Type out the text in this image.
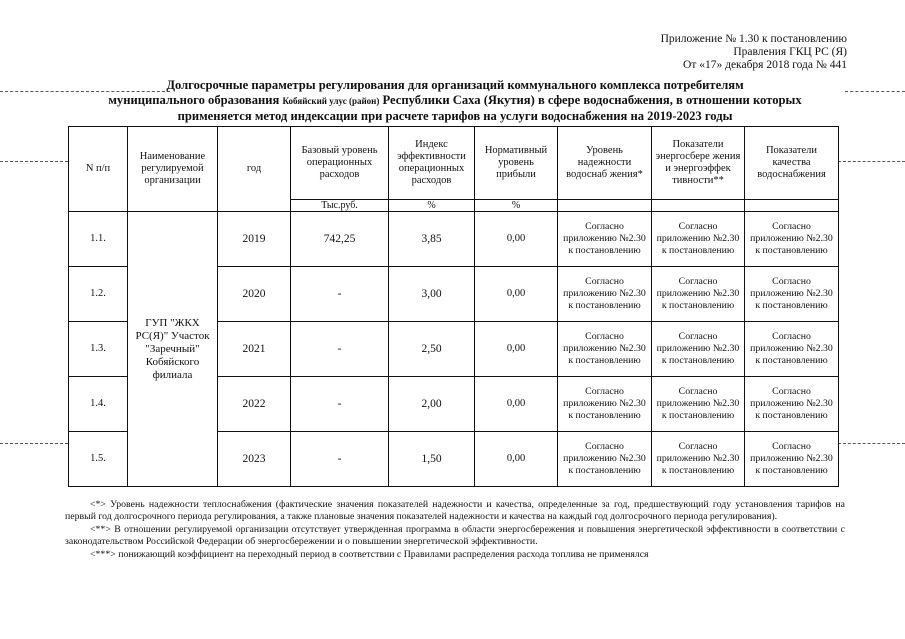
Приложение № 1.30 к постановлению
Правления ГКЦ РС (Я)
От «17» декабря 2018 года № 441
Долгосрочные параметры регулирования для организаций коммунального комплекса потребителям
муниципального образования Кобяйский улус (район) Республики Саха (Якутия) в сфере водоснабжения, в отношении которых
применяется метод индексации при расчете тарифов на услуги водоснабжения на 2019-2023 годы
N п/п	Наименование регулируемой организации	год	Базовый уровень операционных расходов	Индекс эффективности операционных расходов	Нормативный уровень прибыли	Уровень надежности водоснаб жения*	Показатели энергосбере жения и энергоэффек тивности**	Показатели качества водоснабжения
			Тыс.руб.	%	%			
1.1.	ГУП "ЖКХ РС(Я)" Участок "Заречный" Кобяйского филиала	2019	742,25	3,85	0,00	Согласно приложению №2.30 к постановлению	Согласно приложению №2.30 к постановлению	Согласно приложению №2.30 к постановлению
1.2.		2020	-	3,00	0,00	Согласно приложению №2.30 к постановлению	Согласно приложению №2.30 к постановлению	Согласно приложению №2.30 к постановлению
1.3.		2021	-	2,50	0,00	Согласно приложению №2.30 к постановлению	Согласно приложению №2.30 к постановлению	Согласно приложению №2.30 к постановлению
1.4.		2022	-	2,00	0,00	Согласно приложению №2.30 к постановлению	Согласно приложению №2.30 к постановлению	Согласно приложению №2.30 к постановлению
1.5.		2023	-	1,50	0,00	Согласно приложению №2.30 к постановлению	Согласно приложению №2.30 к постановлению	Согласно приложению №2.30 к постановлению

<*> Уровень надежности теплоснабжения (фактические значения показателей надежности и качества, определенные за год, предшествующий году установления тарифов на первый год долгосрочного периода регулирования, а также плановые значения показателей надежности и качества на каждый год долгосрочного периода регулирования).

<**> В отношении регулируемой организации отсутствует утвержденная программа в области энергосбережения и повышения энергетической эффективности в соответствии с законодательством Российской Федерации об энергосбережении и о повышении энергетической эффективности.

<***> понижающий коэффициент на переходный период в соответствии с Правилами распределения расхода топлива не применялся
